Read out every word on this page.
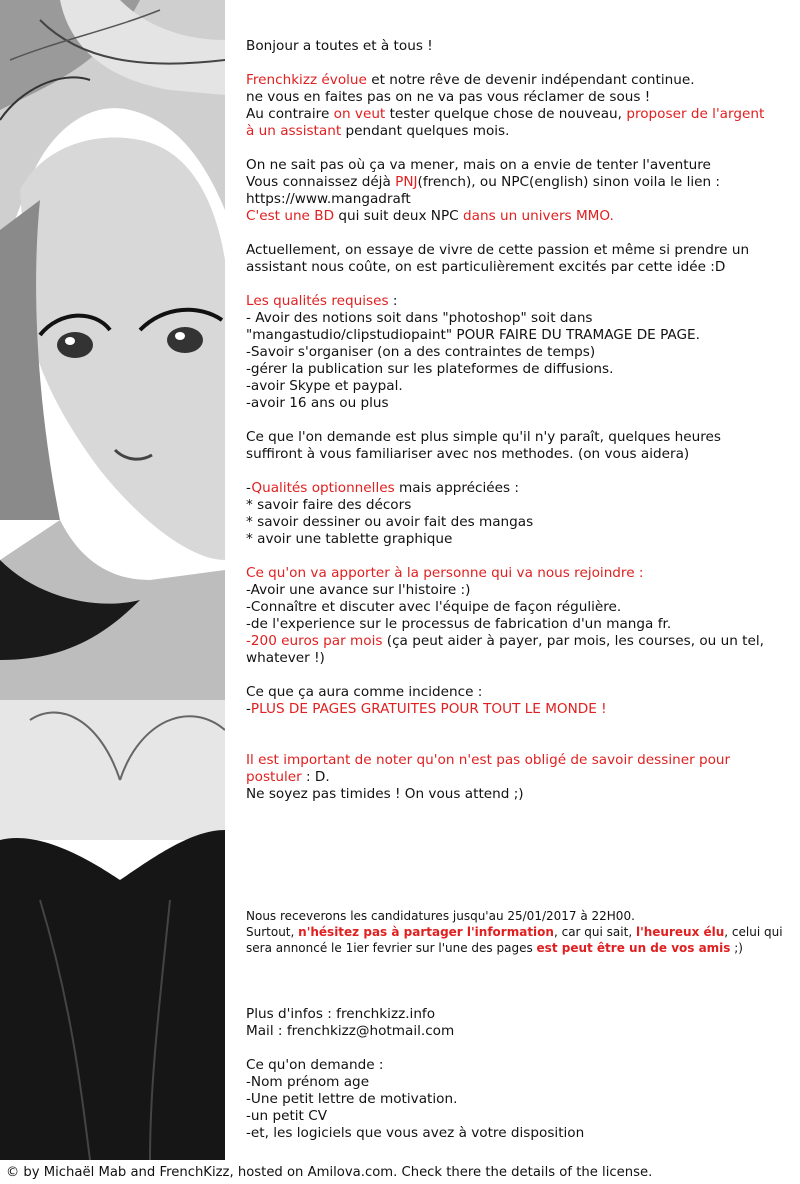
Bonjour a toutes et à tous !

Frenchkizz évolue et notre rêve de devenir indépendant continue.
ne vous en faites pas on ne va pas vous réclamer de sous !
Au contraire on veut tester quelque chose de nouveau, proposer de l'argent
à un assistant pendant quelques mois.

On ne sait pas où ça va mener, mais on a envie de tenter l'aventure
Vous connaissez déjà PNJ(french), ou NPC(english) sinon voila le lien :
https://www.mangadraft
C'est une BD qui suit deux NPC dans un univers MMO.

Actuellement, on essaye de vivre de cette passion et même si prendre un
assistant nous coûte, on est particulièrement excités par cette idée :D

Les qualités requises :
- Avoir des notions soit dans "photoshop" soit dans
"mangastudio/clipstudiopaint" POUR FAIRE DU TRAMAGE DE PAGE.
-Savoir s'organiser (on a des contraintes de temps)
-gérer la publication sur les plateformes de diffusions.
-avoir Skype et paypal.
-avoir 16 ans ou plus

Ce que l'on demande est plus simple qu'il n'y paraît, quelques heures
suffiront à vous familiariser avec nos methodes. (on vous aidera)

-Qualités optionnelles mais appréciées :
* savoir faire des décors
* savoir dessiner ou avoir fait des mangas
* avoir une tablette graphique

Ce qu'on va apporter à la personne qui va nous rejoindre :
-Avoir une avance sur l'histoire :)
-Connaître et discuter avec l'équipe de façon régulière.
-de l'experience sur le processus de fabrication d'un manga fr.
-200 euros par mois (ça peut aider à payer, par mois, les courses, ou un tel,
whatever !)

Ce que ça aura comme incidence :
-PLUS DE PAGES GRATUITES POUR TOUT LE MONDE !

Il est important de noter qu'on n'est pas obligé de savoir dessiner pour
postuler : D.
Ne soyez pas timides ! On vous attend ;)

Nous receverons les candidatures jusqu'au 25/01/2017 à 22H00.
Surtout, n'hésitez pas à partager l'information, car qui sait, l'heureux élu, celui qui
sera annoncé le 1ier fevrier sur l'une des pages est peut être un de vos amis ;)

Plus d'infos : frenchkizz.info
Mail : frenchkizz@hotmail.com

Ce qu'on demande :
-Nom prénom age
-Une petit lettre de motivation.
-un petit CV
-et, les logiciels que vous avez à votre disposition

© by Michaël Mab and FrenchKizz, hosted on Amilova.com. Check there the details of the license.
